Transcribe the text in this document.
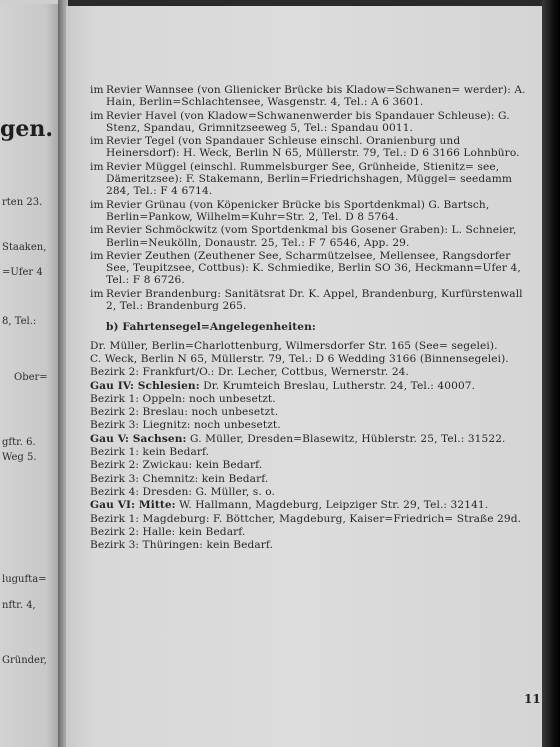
gen.
rten 23.
Staaken,
=Ufer 4
8, Tel.:
Ober=
gftr. 6.
Weg 5.
lugufta=
nftr. 4,
Gründer,
im Revier Wannsee (von Glienicker Brücke bis Kladow=Schwanen= werder): A. Hain, Berlin=Schlachtensee, Wasgenstr. 4, Tel.: A 6 3601.
im Revier Havel (von Kladow=Schwanenwerder bis Spandauer Schleuse): G. Stenz, Spandau, Grimnitzseeweg 5, Tel.: Spandau 0011.
im Revier Tegel (von Spandauer Schleuse einschl. Oranienburg und Heinersdorf): H. Weck, Berlin N 65, Müllerstr. 79, Tel.: D 6 3166 Lohnbüro.
im Revier Müggel (einschl. Rummelsburger See, Grünheide, Stienitz= see, Dämeritzsee): F. Stakemann, Berlin=Friedrichshagen, Müggel= seedamm 284, Tel.: F 4 6714.
im Revier Grünau (von Köpenicker Brücke bis Sportdenkmal) G. Bartsch, Berlin=Pankow, Wilhelm=Kuhr=Str. 2, Tel. D 8 5764.
im Revier Schmöckwitz (vom Sportdenkmal bis Gosener Graben): L. Schneier, Berlin=Neukölln, Donaustr. 25, Tel.: F 7 6546, App. 29.
im Revier Zeuthen (Zeuthener See, Scharmützelsee, Mellensee, Rangsdorfer See, Teupitzsee, Cottbus): K. Schmiedike, Berlin SO 36, Heckmann=Ufer 4, Tel.: F 8 6726.
im Revier Brandenburg: Sanitätsrat Dr. K. Appel, Brandenburg, Kurfürstenwall 2, Tel.: Brandenburg 265.
b) Fahrtensegel=Angelegenheiten:
Dr. Müller, Berlin=Charlottenburg, Wilmersdorfer Str. 165 (See= segelei).
C. Weck, Berlin N 65, Müllerstr. 79, Tel.: D 6 Wedding 3166 (Binnensegelei).
Bezirk 2: Frankfurt/O.: Dr. Lecher, Cottbus, Wernerstr. 24.
Gau IV: Schlesien: Dr. Krumteich Breslau, Lutherstr. 24, Tel.: 40007.
Bezirk 1: Oppeln: noch unbesetzt.
Bezirk 2: Breslau: noch unbesetzt.
Bezirk 3: Liegnitz: noch unbesetzt.
Gau V: Sachsen: G. Müller, Dresden=Blasewitz, Hüblerstr. 25, Tel.: 31522.
Bezirk 1: kein Bedarf.
Bezirk 2: Zwickau: kein Bedarf.
Bezirk 3: Chemnitz: kein Bedarf.
Bezirk 4: Dresden: G. Müller, s. o.
Gau VI: Mitte: W. Hallmann, Magdeburg, Leipziger Str. 29, Tel.: 32141.
Bezirk 1: Magdeburg: F. Böttcher, Magdeburg, Kaiser=Friedrich= Straße 29d.
Bezirk 2: Halle: kein Bedarf.
Bezirk 3: Thüringen: kein Bedarf.
11
